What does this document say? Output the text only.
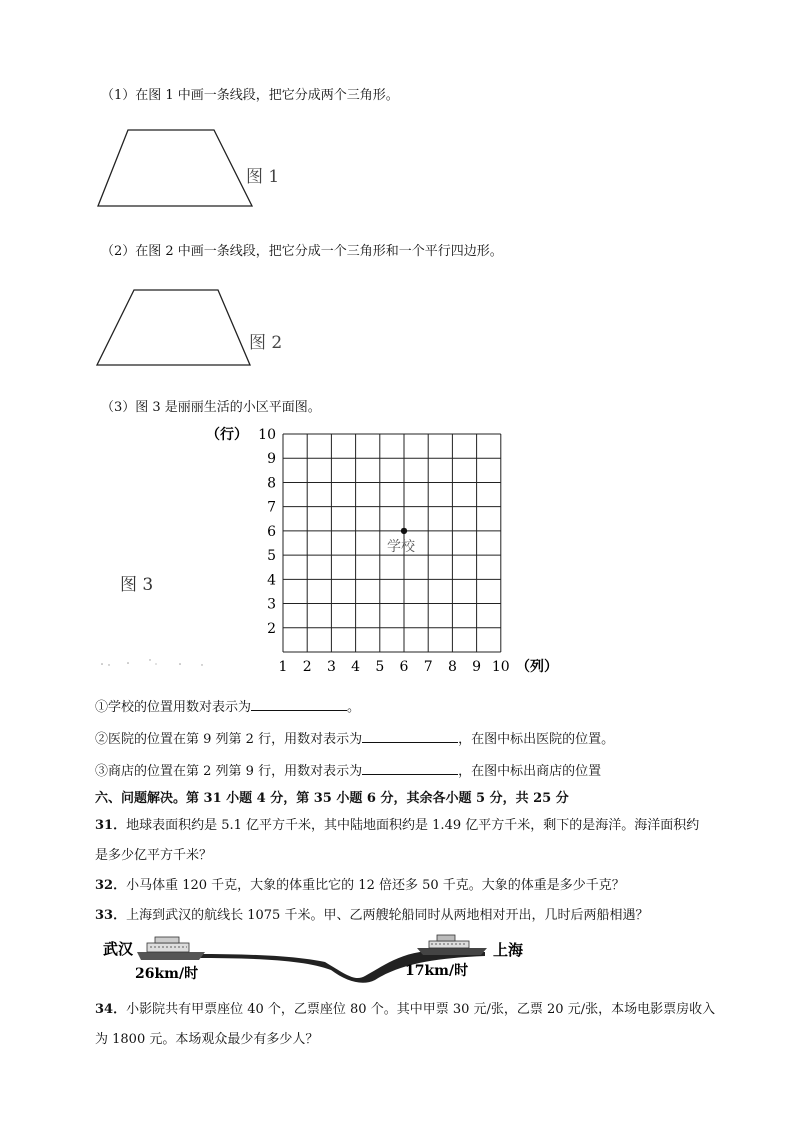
（1）在图 1 中画一条线段，把它分成两个三角形。
图 1
（2）在图 2 中画一条线段，把它分成一个三角形和一个平行四边形。
图 2
（3）图 3 是丽丽生活的小区平面图。
图 3
10
9
8
7
6
5
4
3
2
1 2 3 4 5 6 7 8 9 10
（行）
（列）
学校
①学校的位置用数对表示为	。
②医院的位置在第 9 列第 2 行，用数对表示为	，在图中标出医院的位置。
③商店的位置在第 2 列第 9 行，用数对表示为	，在图中标出商店的位置
六、问题解决。第 31 小题 4 分，第 35 小题 6 分，其余各小题 5 分，共 25 分
31．地球表面积约是 5.1 亿平方千米，其中陆地面积约是 1.49 亿平方千米，剩下的是海洋。海洋面积约
是多少亿平方千米？
32．小马体重 120 千克，大象的体重比它的 12 倍还多 50 千克。大象的体重是多少千克？
33．上海到武汉的航线长 1075 千米。甲、乙两艘轮船同时从两地相对开出，几时后两船相遇？
武汉	上海
26km/时	17km/时
34．小影院共有甲票座位 40 个，乙票座位 80 个。其中甲票 30 元/张，乙票 20 元/张，本场电影票房收入
为 1800 元。本场观众最少有多少人？
